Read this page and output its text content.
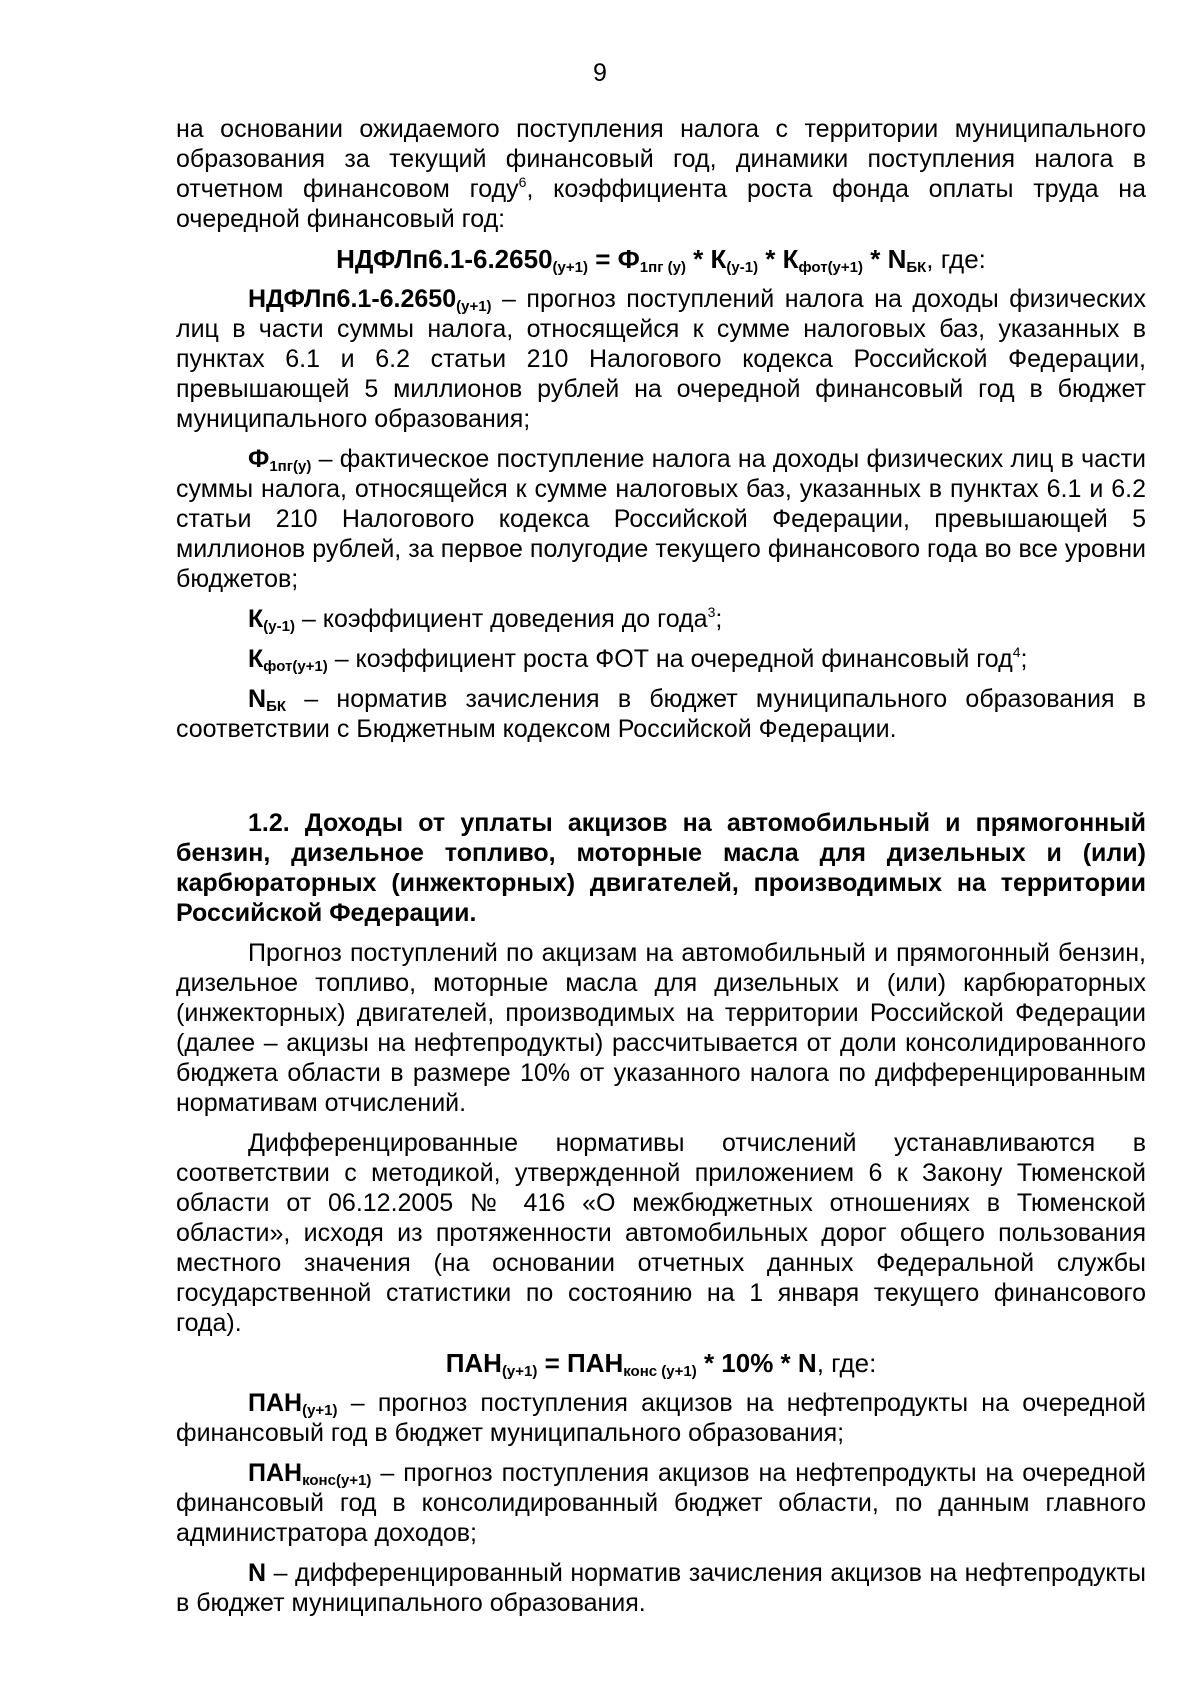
9

на основании ожидаемого поступления налога с территории муниципального образования за текущий финансовый год, динамики поступления налога в отчетном финансовом году$^6$, коэффициента роста фонда оплаты труда на очередной финансовый год:

$НДФЛп6.1-6.2650_{(у+1)} = Ф_{1пг (у)} * К_{(у-1)} * К_{фот(у+1)} * N_{БК}$, где:

$НДФЛп6.1-6.2650_{(у+1)}$ – прогноз поступлений налога на доходы физических лиц в части суммы налога, относящейся к сумме налоговых баз, указанных в пунктах 6.1 и 6.2 статьи 210 Налогового кодекса Российской Федерации, превышающей 5 миллионов рублей на очередной финансовый год в бюджет муниципального образования;

$Ф_{1пг(у)}$ – фактическое поступление налога на доходы физических лиц в части суммы налога, относящейся к сумме налоговых баз, указанных в пунктах 6.1 и 6.2 статьи 210 Налогового кодекса Российской Федерации, превышающей 5 миллионов рублей, за первое полугодие текущего финансового года во все уровни бюджетов;

$К_{(у-1)}$ – коэффициент доведения до года$^3$;

$К_{фот(у+1)}$ – коэффициент роста ФОТ на очередной финансовый год$^4$;

$N_{БК}$ – норматив зачисления в бюджет муниципального образования в соответствии с Бюджетным кодексом Российской Федерации.

1.2. Доходы от уплаты акцизов на автомобильный и прямогонный бензин, дизельное топливо, моторные масла для дизельных и (или) карбюраторных (инжекторных) двигателей, производимых на территории Российской Федерации.

Прогноз поступлений по акцизам на автомобильный и прямогонный бензин, дизельное топливо, моторные масла для дизельных и (или) карбюраторных (инжекторных) двигателей, производимых на территории Российской Федерации (далее – акцизы на нефтепродукты) рассчитывается от доли консолидированного бюджета области в размере 10% от указанного налога по дифференцированным нормативам отчислений.

Дифференцированные нормативы отчислений устанавливаются в соответствии с методикой, утвержденной приложением 6 к Закону Тюменской области от 06.12.2005 № 416 «О межбюджетных отношениях в Тюменской области», исходя из протяженности автомобильных дорог общего пользования местного значения (на основании отчетных данных Федеральной службы государственной статистики по состоянию на 1 января текущего финансового года).

$ПАН_{(у+1)} = ПАН_{конс (у+1)} * 10\% * N$, где:

$ПАН_{(у+1)}$ – прогноз поступления акцизов на нефтепродукты на очередной финансовый год в бюджет муниципального образования;

$ПАН_{конс(у+1)}$ – прогноз поступления акцизов на нефтепродукты на очередной финансовый год в консолидированный бюджет области, по данным главного администратора доходов;

N – дифференцированный норматив зачисления акцизов на нефтепродукты в бюджет муниципального образования.
